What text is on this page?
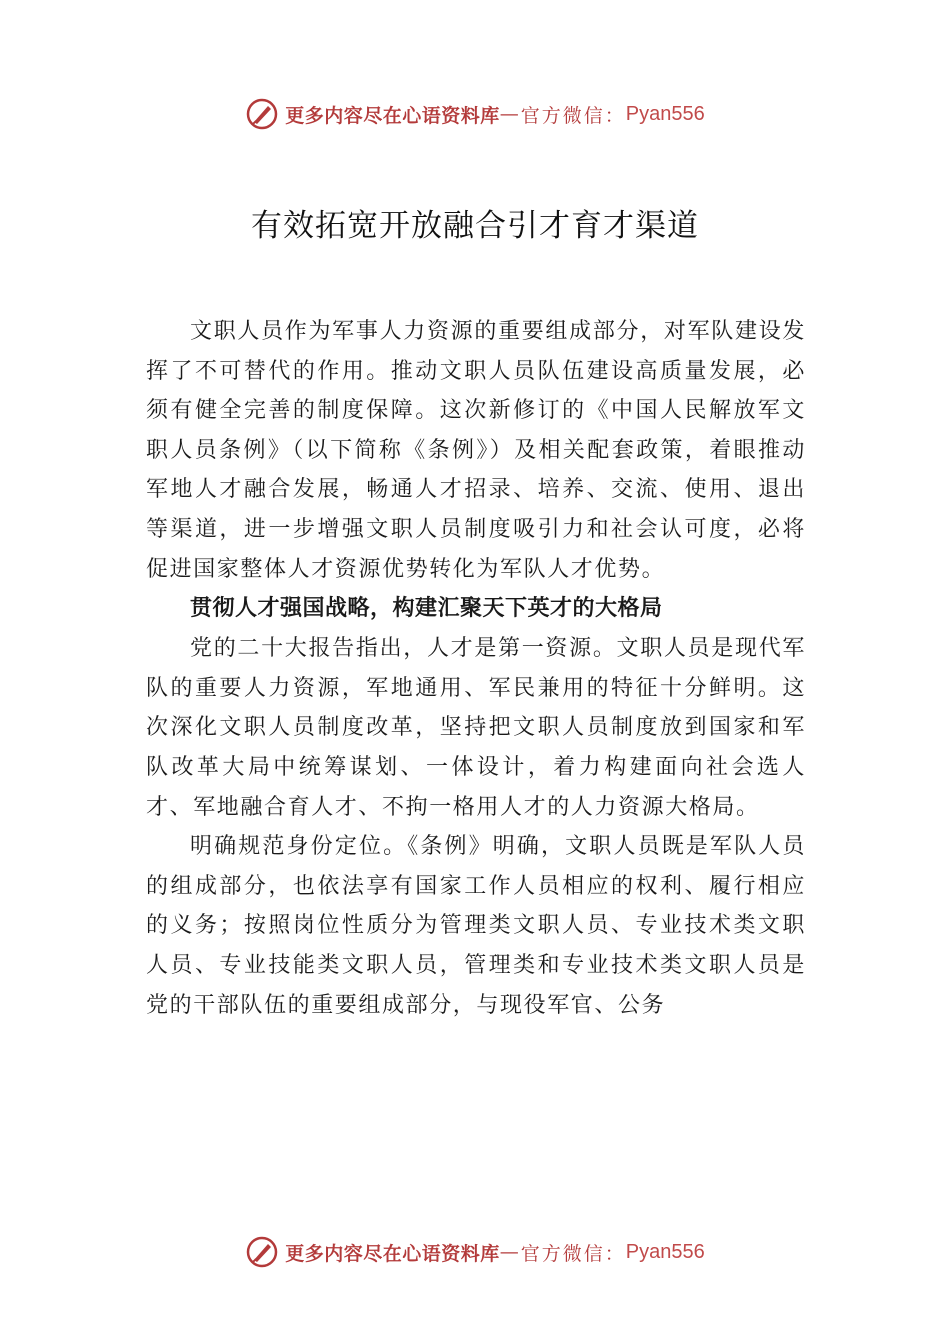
更多内容尽在心语资料库 — 官方微信： Pyan556
有效拓宽开放融合引才育才渠道

文职人员作为军事人力资源的重要组成部分，对军队建设发挥了不可替代的作用。推动文职人员队伍建设高质量发展，必须有健全完善的制度保障。这次新修订的《中国人民解放军文职人员条例》（以下简称《条例》）及相关配套政策，着眼推动军地人才融合发展，畅通人才招录、培养、交流、使用、退出等渠道，进一步增强文职人员制度吸引力和社会认可度，必将促进国家整体人才资源优势转化为军队人才优势。

贯彻人才强国战略，构建汇聚天下英才的大格局

党的二十大报告指出，人才是第一资源。文职人员是现代军队的重要人力资源，军地通用、军民兼用的特征十分鲜明。这次深化文职人员制度改革，坚持把文职人员制度放到国家和军队改革大局中统筹谋划、一体设计，着力构建面向社会选人才、军地融合育人才、不拘一格用人才的人力资源大格局。

明确规范身份定位。《条例》明确，文职人员既是军队人员的组成部分，也依法享有国家工作人员相应的权利、履行相应的义务；按照岗位性质分为管理类文职人员、专业技术类文职人员、专业技能类文职人员，管理类和专业技术类文职人员是党的干部队伍的重要组成部分，与现役军官、公务

更多内容尽在心语资料库 — 官方微信： Pyan556
